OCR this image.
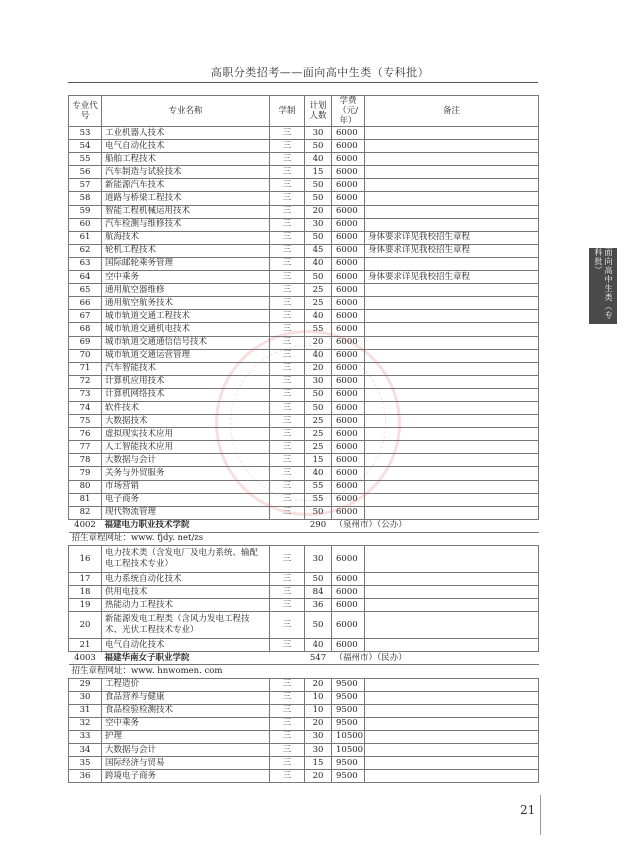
高职分类招考——面向高中生类（专科批）
面向高中生类（专科批）
专业代号	专业名称	学制	计划人数	学费（元/年）	备注
53	工业机器人技术	三	30	6000	
54	电气自动化技术	三	50	6000	
55	船舶工程技术	三	40	6000	
56	汽车制造与试验技术	三	15	6000	
57	新能源汽车技术	三	50	6000	
58	道路与桥梁工程技术	三	50	6000	
59	智能工程机械运用技术	三	20	6000	
60	汽车检测与维修技术	三	30	6000	
61	航海技术	三	50	6000	身体要求详见我校招生章程
62	轮机工程技术	三	45	6000	身体要求详见我校招生章程
63	国际邮轮乘务管理	三	40	6000	
64	空中乘务	三	50	6000	身体要求详见我校招生章程
65	通用航空器维修	三	25	6000	
66	通用航空航务技术	三	25	6000	
67	城市轨道交通工程技术	三	40	6000	
68	城市轨道交通机电技术	三	55	6000	
69	城市轨道交通通信信号技术	三	20	6000	
70	城市轨道交通运营管理	三	40	6000	
71	汽车智能技术	三	20	6000	
72	计算机应用技术	三	30	6000	
73	计算机网络技术	三	50	6000	
74	软件技术	三	50	6000	
75	大数据技术	三	25	6000	
76	虚拟现实技术应用	三	25	6000	
77	人工智能技术应用	三	25	6000	
78	大数据与会计	三	15	6000	
79	关务与外贸服务	三	40	6000	
80	市场营销	三	55	6000	
81	电子商务	三	55	6000	
82	现代物流管理	三	50	6000	
4002	福建电力职业技术学院		290	（泉州市）（公办）	
招生章程网址：www. fjdy. net/zs					
16	电力技术类（含发电厂及电力系统、输配电工程技术专业）	三	30	6000	
17	电力系统自动化技术	三	50	6000	
18	供用电技术	三	84	6000	
19	热能动力工程技术	三	36	6000	
20	新能源发电工程类（含风力发电工程技术、光伏工程技术专业）	三	50	6000	
21	电气自动化技术	三	40	6000	
4003	福建华南女子职业学院		547	（福州市）（民办）	
招生章程网址：www. hnwomen. com					
29	工程造价	三	20	9500	
30	食品营养与健康	三	10	9500	
31	食品检验检测技术	三	10	9500	
32	空中乘务	三	20	9500	
33	护理	三	30	10500	
34	大数据与会计	三	30	10500	
35	国际经济与贸易	三	15	9500	
36	跨境电子商务	三	20	9500	
21
